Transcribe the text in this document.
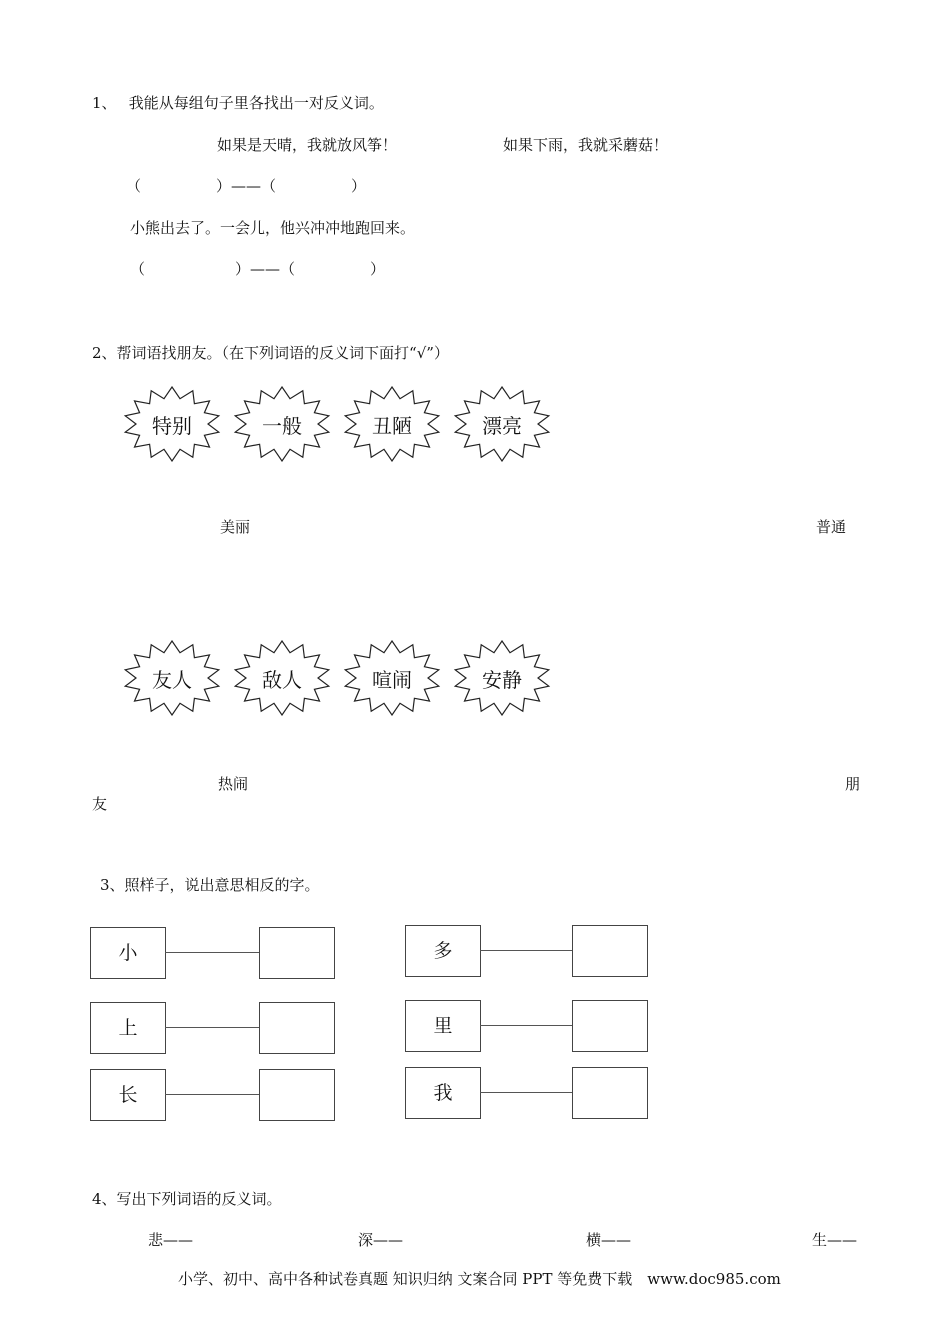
1、　 我能从每组句子里各找出一对反义词。
如果是天晴，我就放风筝！	如果下雨，我就采蘑菇！
（　　　　　）——（　　　　　）
小熊出去了。一会儿，他兴冲冲地跑回来。
（　　　　　　）——（　　　　　）
2、帮词语找朋友。（在下列词语的反义词下面打“√”）
特别	一般	丑陋	漂亮
美丽	普通
友人	敌人	喧闹	安静
热闹	朋
友
3、照样子，说出意思相反的字。
小	多
上	里
长	我
4、写出下列词语的反义词。
悲——	深——	横——	生——
小学、初中、高中各种试卷真题 知识归纳 文案合同 PPT 等免费下载　www.doc985.com
